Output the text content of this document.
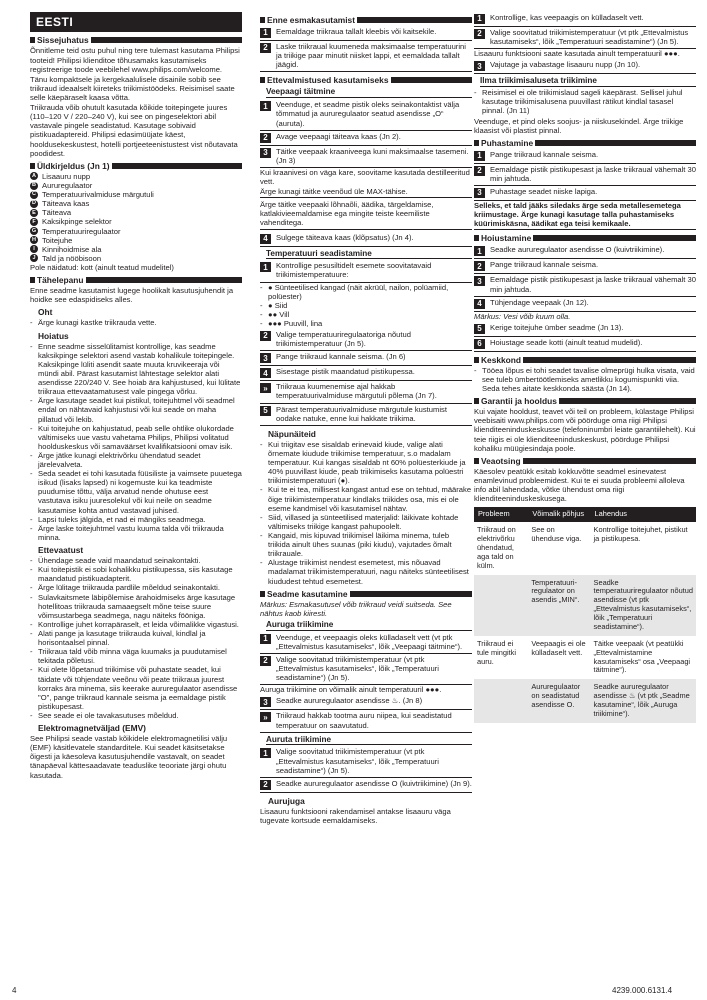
EESTI
Sissejuhatus

Õnnitleme teid ostu puhul ning tere tulemast kasutama Philipsi tooteid! Philipsi klienditoe tõhusamaks kasutamiseks registreerige toode veebilehel www.philips.com/welcome.

Tänu kompaktsele ja kergekaalulisele disainile sobib see triikraud ideaalselt kiireteks triikimistöödeks. Reisimisel saate selle käepäraselt kaasa võtta.

Triikrauda võib ohutult kasutada kõikide toitepingete juures (110–120 V / 220–240 V), kui see on pingeselektori abil vastavale pingele seadistatud. Kasutage sobivaid pistikuadaptereid. Philipsi edasimüüjate käest, hooldusekeskustest, hotelli portjeeteenistustest vist nõutavata poodidest.

Üldkirjeldus (Jn 1)
A Lisaauru nupp
B Aururegulaator
C Temperatuurivalmiduse märgutuli
D Täiteava kaas
E Täiteava
F Kaksikpinge selektor
G Temperatuuriregulaator
H Toitejuhe
I Kinnihoidmise ala
J Tald ja nööbisoon

Pole näidatud: kott (ainult teatud mudelitel)

Tähelepanu

Enne seadme kasutamist lugege hoolikalt kasutusjuhendit ja hoidke see edaspidiseks alles.

Oht
- Ärge kunagi kastke triikrauda vette.
Hoiatus
- Enne seadme sisselülitamist kontrollige, kas seadme kaksikpinge selektori asend vastab kohalikule toitepingele. Kaksikpinge lüliti asendit saate muuta kruvikeeraja või mündi abil. Pärast kasutamist lähtestage selektor alati asendisse 220/240 V. See hoiab ära kahjustused, kui lülitate triikraua ettevaatamatusest vale pingega võrku.
- Ärge kasutage seadet kui pistikul, toitejuhtmel või seadmel endal on nähtavaid kahjustusi või kui seade on maha pillatud või lekib.
- Kui toitejuhe on kahjustatud, peab selle ohtlike olukordade vältimiseks uue vastu vahetama Philips, Philipsi volitatud hoolduskeskus või samaväärset kvalifikatsiooni omav isik.
- Ärge jätke kunagi elektrivõrku ühendatud seadet järelevalveta.
- Seda seadet ei tohi kasutada füüsiliste ja vaimsete puuetega isikud (lisaks lapsed) ni kogemuste kui ka teadmiste puudumise tõttu, välja arvatud nende ohutuse eest vastutava isiku juuresolekul või kui neile on seadme kasutamise kohta antud vastavad juhised.
- Lapsi tuleks jälgida, et nad ei mängiks seadmega.
- Ärge laske toitejuhtmel vastu kuuma talda või triikrauda minna.
Ettevaatust
- Ühendage seade vaid maandatud seinakontakti.
- Kui toitepistik ei sobi kohalikku pistikupessa, siis kasutage maandatud pistikuadapterit.
- Ärge lülitage triikrauda pardlile mõeldud seinakontakti.
- Sulavkaitsmete läbipõlemise ärahoidmiseks ärge kasutage hotellitoas triikrauda samaaegselt mõne teise suure võimsustarbega seadmega, nagu näiteks fööniga.
- Kontrollige juhet korrapäraselt, et leida võimalikke vigastusi.
- Alati pange ja kasutage triikrauda kuival, kindlal ja horisontaalsel pinnal.
- Triikraua tald võib minna väga kuumaks ja puudutamisel tekitada põletusi.
- Kui olete lõpetanud triikimise või puhastate seadet, kui täidate või tühjendate veeõnu või peate triikraua juurest korraks ära minema, siis keerake aururegulaator asendisse "O", pange triikraud kannale seisma ja eemaldage pistik pistikupesast.
- See seade ei ole tavakasutuses mõeldud.
Elektromagnetväljad (EMV)

See Philipsi seade vastab kõikidele elektromagnetilisi välju (EMF) käsitlevatele standarditele. Kui seadet käsitsetakse õigesti ja käesoleva kasutusjuhendile vastavalt, on seadet tänapäeval kättesaadavate teaduslike teooriate järgi ohutu kasutada.

Enne esmakasutamist
1	Eemaldage triikraua tallalt kleebis või kaitsekile.
2	Laske triikraual kuumeneda maksimaalse temperatuurini ja triikige paar minutit niisket lappi, et eemaldada tallalt jäägid.
Ettevalmistused kasutamiseks
Veepaagi täitmine
1	Veenduge, et seadme pistik oleks seinakontaktist välja tõmmatud ja aururegulaator seatud asendisse „O“ (auruta).
2	Avage veepaagi täiteava kaas (Jn 2).
3	Täitke veepaak kraaniveega kuni maksimaalse tasemeni. (Jn 3)

Kui kraanivesi on väga kare, soovitame kasutada destilleeritud vett.

Ärge kunagi täitke veenõud üle MAX-tähise.

Ärge täitke veepaaki lõhnaõli, äädika, tärgeldamise, katlakivieemaldamise ega mingite teiste keemiliste vahenditega.

4	Sulgege täiteava kaas (klõpsatus) (Jn 4).
Temperatuuri seadistamine
1	Kontrollige pesusiltidelt esemete soovitatavaid triikimistemperatuure:
- ● Sünteetilised kangad (näit akrüül, nailon, polüamiid, polüester)
- ● Siid
- ●● Vill
- ●●● Puuvill, lina
2	Valige temperatuuriregulaatoriga nõutud triikimistemperatuur (Jn 5).
3	Pange triikraud kannale seisma. (Jn 6)
4	Sisestage pistik maandatud pistikupessa.
»	Triikraua kuumenemise ajal hakkab temperatuurivalmiduse märgutuli põlema (Jn 7).
5	Pärast temperatuurivalmiduse märgutule kustumist oodake natuke, enne kui hakkate triikima.
Näpunäiteid
- Kui triigitav ese sisaldab erinevaid kiude, valige alati õrnemate kiudude triikimise temperatuur, s.o madalam temperatuur. Kui kangas sisaldab nt 60% polüesterkiude ja 40% puuvillast kiude, peab triikimiseks kasutama polüestri triikimistemperatuuri (●).
- Kui te ei tea, millisest kangast antud ese on tehtud, määrake õige triikimistemperatuur kindlaks triikides osa, mis ei ole eseme kandmisel või kasutamisel nähtav.
- Siid, villased ja sünteetilised materjalid: läikivate kohtade vältimiseks triikige kangast pahupoolelt.
- Kangaid, mis kipuvad triikimisel läikima minema, tuleb triikida ainult ühes suunas (piki kiudu), vajutades õmalt triikrauale.
- Alustage triikimist nendest esemetest, mis nõuavad madalamat triikimistemperatuuri, nagu näiteks sünteetilisest kiududest tehtud esemetest.
Seadme kasutamine

Märkus: Esmakasutusel võib triikraud veidi suitseda. See nähtus kaob kiiresti.

Auruga triikimine
1	Veenduge, et veepaagis oleks külladaselt vett (vt ptk „Ettevalmistus kasutamiseks“, lõik „Veepaagi täitmine“).
2	Valige soovitatud triikimistemperatuur (vt ptk „Ettevalmistus kasutamiseks“, lõik „Temperatuuri seadistamine“) (Jn 5).

Auruga triikimine on võimalik ainult temperatuuril ●●●.

3	Seadke aururegulaator asendisse ♨. (Jn 8)
»	Triikraud hakkab tootma auru niipea, kui seadistatud temperatuur on saavutatud.
Auruta triikimine
1	Valige soovitatud triikimistemperatuur (vt ptk „Ettevalmistus kasutamiseks“, lõik „Temperatuuri seadistamine“) (Jn 5).
2	Seadke aururegulaator asendisse O (kuivtriikimine) (Jn 9).
Aurujuga

Lisaauru funktsiooni rakendamisel antakse lisaauru väga tugevate kortsude eemaldamiseks.

1	Kontrollige, kas veepaagis on külladaselt vett.
2	Valige soovitatud triikimistemperatuur (vt ptk „Ettevalmistus kasutamiseks“, lõik „Temperatuuri seadistamine“) (Jn 5).

Lisaauru funktsiooni saate kasutada ainult temperatuuril ●●●.

3	Vajutage ja vabastage lisaauru nupp (Jn 10).
Ilma triikimisaluseta triikimine
- Reisimisel ei ole triikimislaud sageli käepärast. Sellisel juhul kasutage triikimisalusena puuvillast rätikut kindlal tasasel pinnal. (Jn 11)

Veenduge, et pind oleks soojus- ja niiskusekindel. Ärge triikige klaasist või plastist pinnal.

Puhastamine
1	Pange triikraud kannale seisma.
2	Eemaldage pistik pistikupesast ja laske triikraual vähemalt 30 min jahtuda.
3	Puhastage seadet niiske lapiga.

Selleks, et tald jääks siledaks ärge seda metallesemetega kriimustage. Ärge kunagi kasutage talla puhastamiseks küürimiskäsna, äädikat ega teisi kemikaale.

Hoiustamine
1	Seadke aururegulaator asendisse O (kuivtriikimine).
2	Pange triikraud kannale seisma.
3	Eemaldage pistik pistikupesast ja laske triikraual vähemalt 30 min jahtuda.
4	Tühjendage veepaak (Jn 12).

Märkus: Vesi võib kuum olla.

5	Kerige toitejuhe ümber seadme (Jn 13).
6	Hoiustage seade kotti (ainult teatud mudelid).
Keskkond
- Tööea lõpus ei tohi seadet tavalise olmeprügi hulka visata, vaid see tuleb ümbertöötlemiseks ametlikku kogumispunkti viia. Seda tehes aitate keskkonda säästa (Jn 14).
Garantii ja hooldus

Kui vajate hooldust, teavet või teil on probleem, külastage Philipsi veebisaiti www.philips.com või pöörduge oma riigi Philipsi klienditeeninduskeskusse (telefoninumbri leiate garantiilehelt). Kui teie riigis ei ole klienditeeninduskeskust, pöörduge Philipsi kohaliku müügiesindaja poole.

Veaotsing

Käesolev peatükk esitab kokkuvõtte seadmel esinevatest enamlevinud probleemidest. Kui te ei suuda probleemi alloleva info abil lahendada, võtke ühendust oma riigi klienditeeninduskeskusega.

Probleem	Võimalik põhjus	Lahendus
Triikraud on elektrivõrku ühendatud, aga tald on külm.	See on ühenduse viga.	Kontrollige toitejuhet, pistikut ja pistikupesa.
	Temperatuuri-regulaator on asendis „MIN“.	Seadke temperatuuriregulaator nõutud asendisse (vt ptk „Ettevalmistus kasutamiseks“, lõik „Temperatuuri seadistamine“).
Triikraud ei tule mingitki auru.	Veepaagis ei ole külladaselt vett.	Täitke veepaak (vt peatükki „Ettevalmistamine kasutamiseks“ osa „Veepaagi täitmine“).
	Aururegulaator on seadistatud asendisse O.	Seadke aururegulaator asendisse ♨ (vt ptk „Seadme kasutamine“, lõik „Auruga triikimine“).
4	4239.000.6131.4
